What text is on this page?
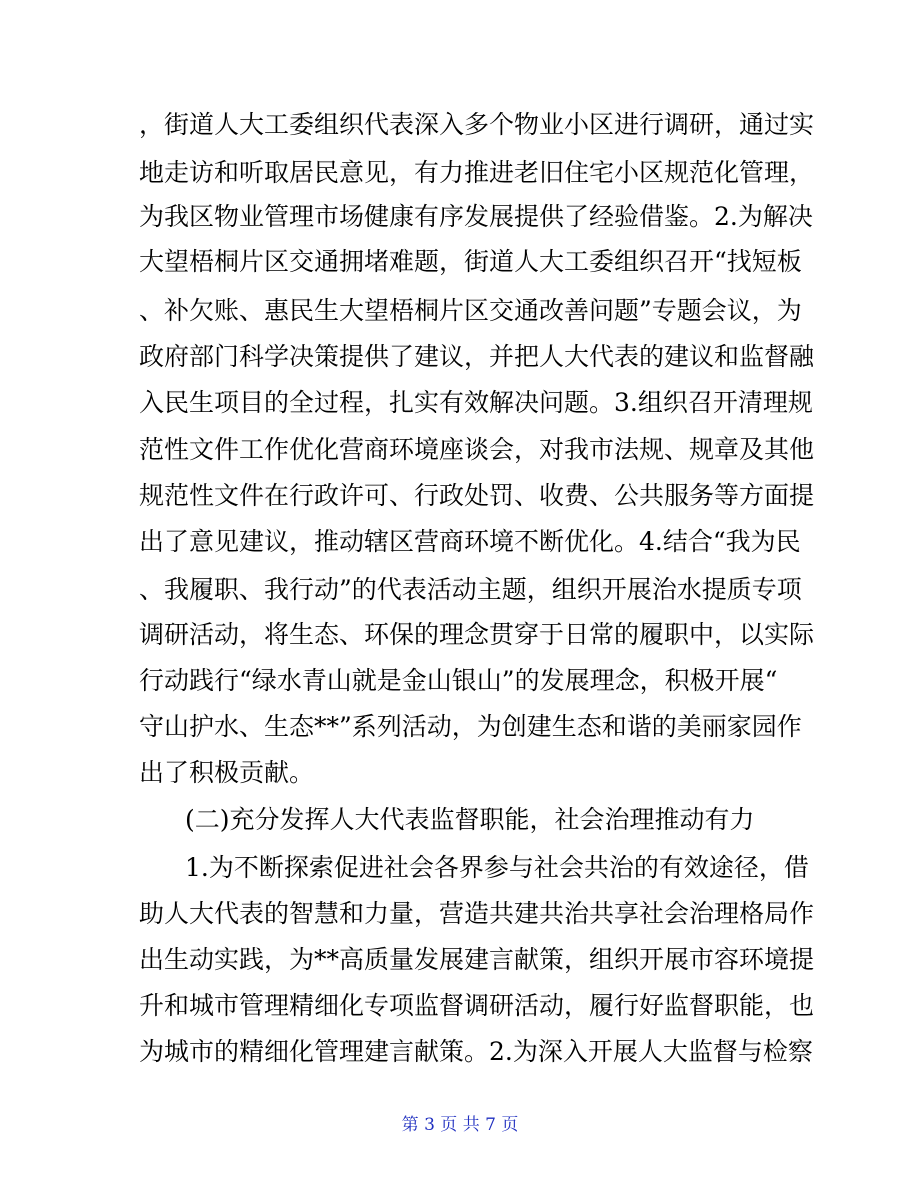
，街道人大工委组织代表深入多个物业小区进行调研，通过实
地走访和听取居民意见，有力推进老旧住宅小区规范化管理，
为我区物业管理市场健康有序发展提供了经验借鉴。2.为解决
大望梧桐片区交通拥堵难题，街道人大工委组织召开“找短板
、补欠账、惠民生大望梧桐片区交通改善问题”专题会议，为
政府部门科学决策提供了建议，并把人大代表的建议和监督融
入民生项目的全过程，扎实有效解决问题。3.组织召开清理规
范性文件工作优化营商环境座谈会，对我市法规、规章及其他
规范性文件在行政许可、行政处罚、收费、公共服务等方面提
出了意见建议，推动辖区营商环境不断优化。4.结合“我为民
、我履职、我行动”的代表活动主题，组织开展治水提质专项
调研活动，将生态、环保的理念贯穿于日常的履职中，以实际
行动践行“绿水青山就是金山银山”的发展理念，积极开展“
守山护水、生态**”系列活动，为创建生态和谐的美丽家园作
出了积极贡献。
(二)充分发挥人大代表监督职能，社会治理推动有力
1.为不断探索促进社会各界参与社会共治的有效途径，借
助人大代表的智慧和力量，营造共建共治共享社会治理格局作
出生动实践，为**高质量发展建言献策，组织开展市容环境提
升和城市管理精细化专项监督调研活动，履行好监督职能，也
为城市的精细化管理建言献策。2.为深入开展人大监督与检察
第 3 页 共 7 页
